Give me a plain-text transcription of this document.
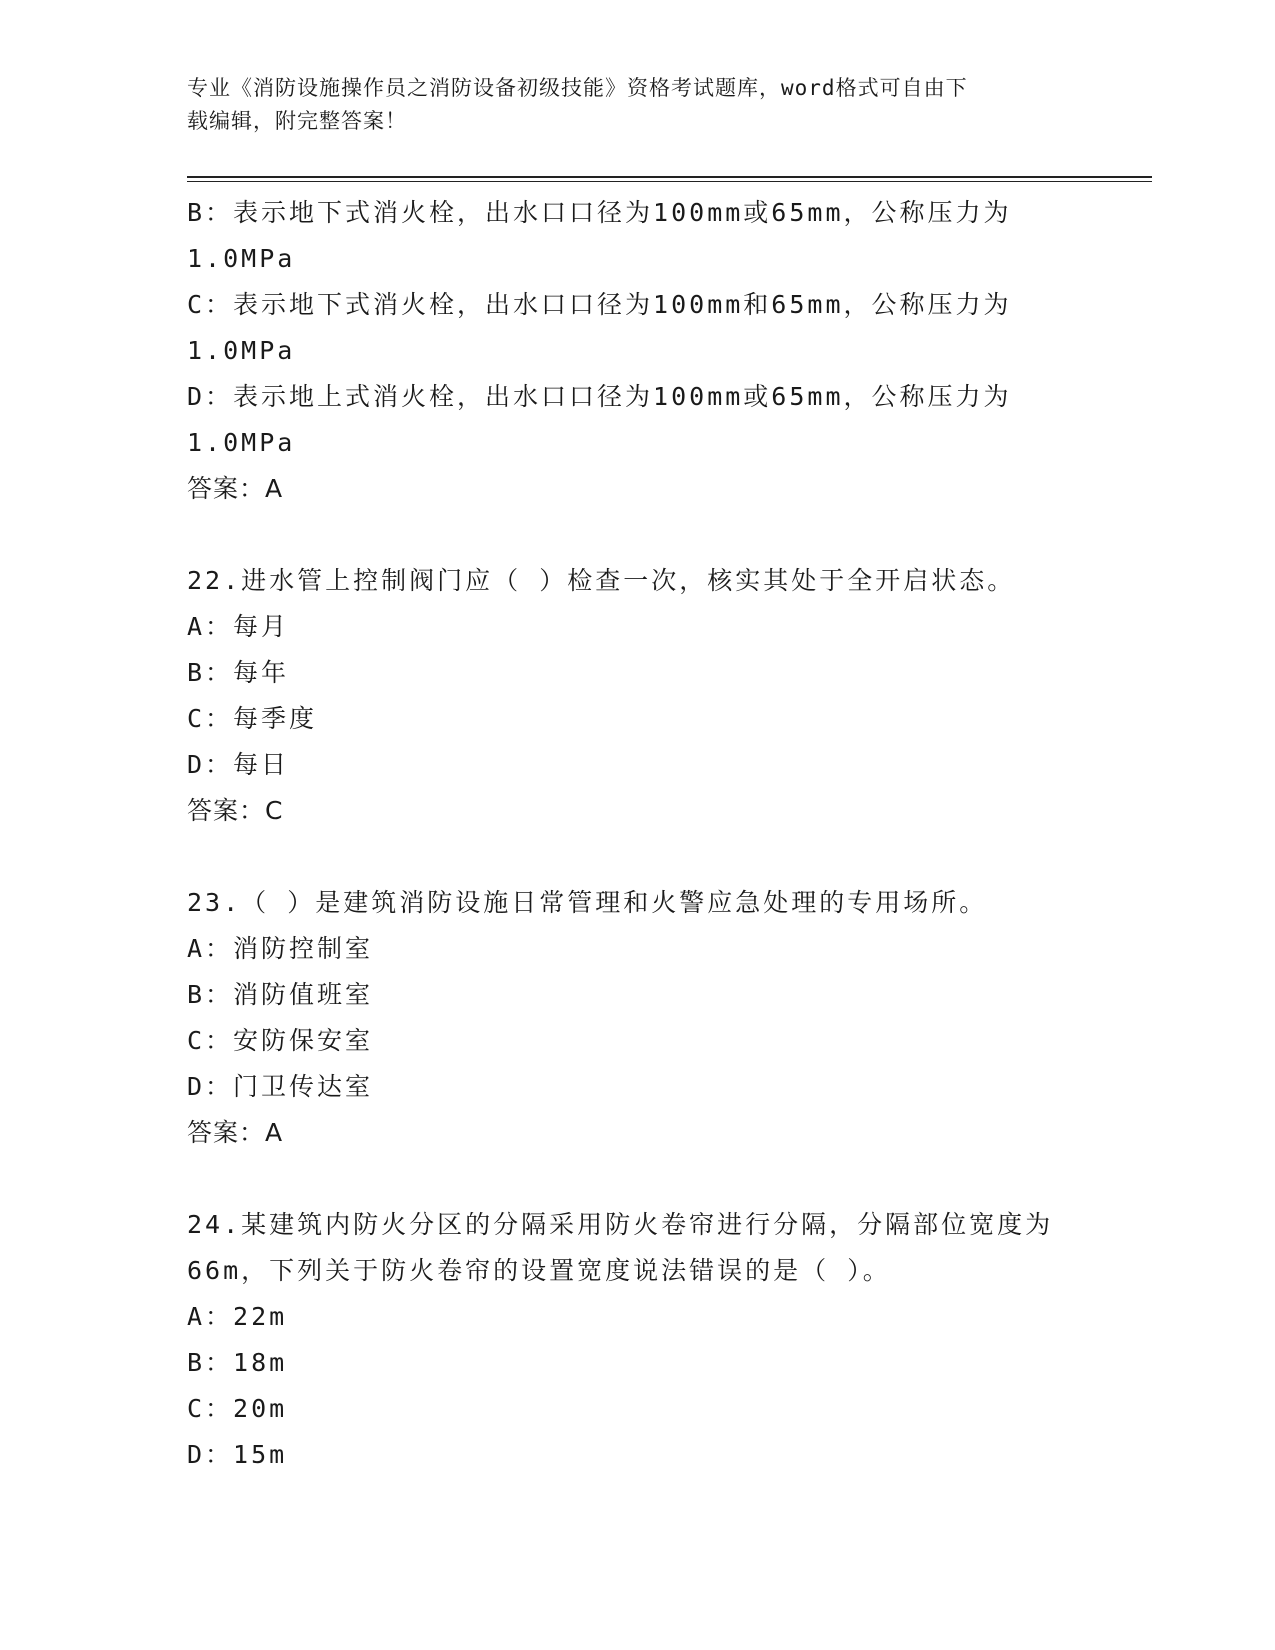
专业《消防设施操作员之消防设备初级技能》资格考试题库，word格式可自由下
载编辑，附完整答案！
B：表示地下式消火栓，出水口口径为100mm或65mm，公称压力为
1.0MPa
C：表示地下式消火栓，出水口口径为100mm和65mm，公称压力为
1.0MPa
D：表示地上式消火栓，出水口口径为100mm或65mm，公称压力为
1.0MPa
答案：A
22.进水管上控制阀门应（ ）检查一次，核实其处于全开启状态。
A：每月
B：每年
C：每季度
D：每日
答案：C
23.（ ）是建筑消防设施日常管理和火警应急处理的专用场所。
A：消防控制室
B：消防值班室
C：安防保安室
D：门卫传达室
答案：A
24.某建筑内防火分区的分隔采用防火卷帘进行分隔，分隔部位宽度为
66m，下列关于防火卷帘的设置宽度说法错误的是（ ）。
A：22m
B：18m
C：20m
D：15m
